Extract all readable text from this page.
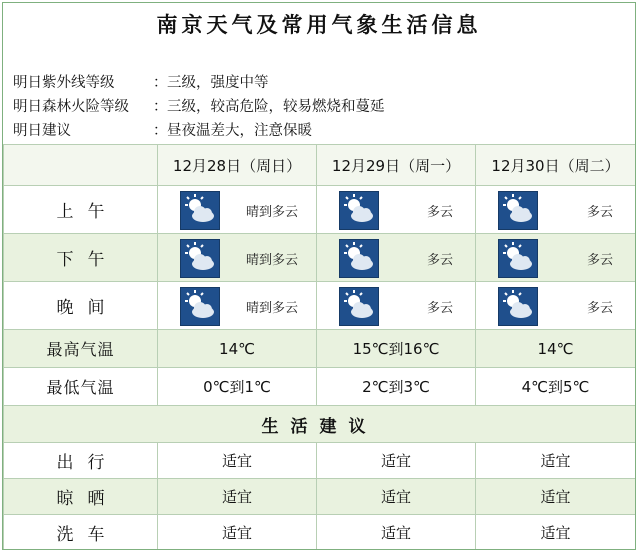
南京天气及常用气象生活信息
明日紫外线等级	：三级，强度中等
明日森林火险等级 ：三级，较高危险，较易燃烧和蔓延
明日建议	：昼夜温差大，注意保暖
	12月28日（周日）	12月29日（周一）	12月30日（周二）
上午	晴到多云	多云	多云

下午	晴到多云	多云	多云

晚间	晴到多云	多云	多云

最高气温	14℃	15℃到16℃	14℃
最低气温	0℃到1℃	2℃到3℃	4℃到5℃
生活建议			
出行	适宜	适宜	适宜
晾晒	适宜	适宜	适宜
洗车	适宜	适宜	适宜
